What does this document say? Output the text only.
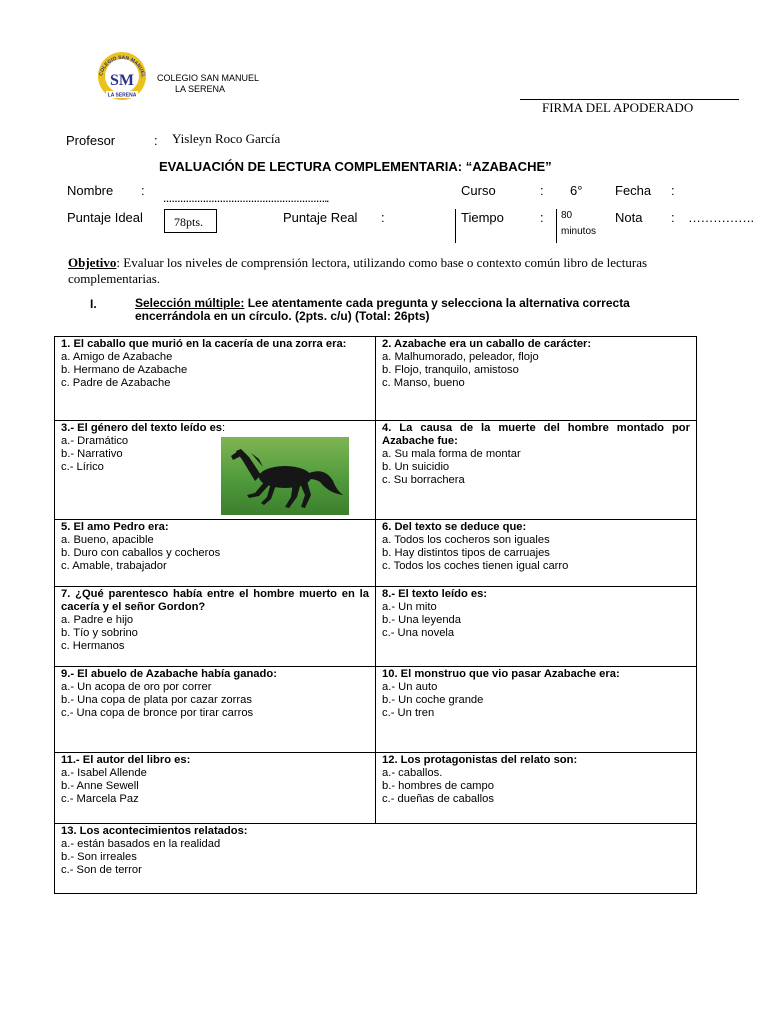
COLEGIO SAN MANUEL
LA SERENA
SM	COLEGIO SAN MANUEL
LA SERENA
FIRMA DEL APODERADO
Profesor	: Yisleyn Roco García
EVALUACIÓN DE LECTURA COMPLEMENTARIA: “AZABACHE”
Nombre :
…………………………………………………..
Curso	: 6°	Fecha :
Puntaje Ideal	78pts.	Puntaje Real :	Tiempo	: 80
minutos
Nota : …………….
Objetivo: Evaluar los niveles de comprensión lectora, utilizando como base o contexto común libro de lecturas complementarias.
I.	Selección múltiple: Lee atentamente cada pregunta y selecciona la alternativa correcta encerrándola en un círculo. (2pts. c/u) (Total: 26pts)
1. El caballo que murió en la cacería de una zorra era:
a. Amigo de Azabache
b. Hermano de Azabache
c. Padre de Azabache
2. Azabache era un caballo de carácter:
a. Malhumorado, peleador, flojo
b. Flojo, tranquilo, amistoso
c. Manso, bueno
3.- El género del texto leído es:
a.- Dramático
b.- Narrativo
c.- Lírico
4. La causa de la muerte del hombre montado por Azabache fue:
a. Su mala forma de montar
b. Un suicidio
c. Su borrachera
5. El amo Pedro era:
a. Bueno, apacible
b. Duro con caballos y cocheros
c. Amable, trabajador
6. Del texto se deduce que:
a. Todos los cocheros son iguales
b. Hay distintos tipos de carruajes
c. Todos los coches tienen igual carro
7. ¿Qué parentesco había entre el hombre muerto en la cacería y el señor Gordon?
a. Padre e hijo
b. Tío y sobrino
c. Hermanos
8.- El texto leído es:
a.- Un mito
b.- Una leyenda
c.- Una novela
9.- El abuelo de Azabache había ganado:
a.- Un acopa de oro por correr
b.- Una copa de plata por cazar zorras
c.- Una copa de bronce por tirar carros
10. El monstruo que vio pasar Azabache era:
a.- Un auto
b.- Un coche grande
c.- Un tren
11.- El autor del libro es:
a.- Isabel Allende
b.- Anne Sewell
c.- Marcela Paz
12. Los protagonistas del relato son:
a.- caballos.
b.- hombres de campo
c.- dueñas de caballos
13. Los acontecimientos relatados:
a.- están basados en la realidad
b.- Son irreales
c.- Son de terror
